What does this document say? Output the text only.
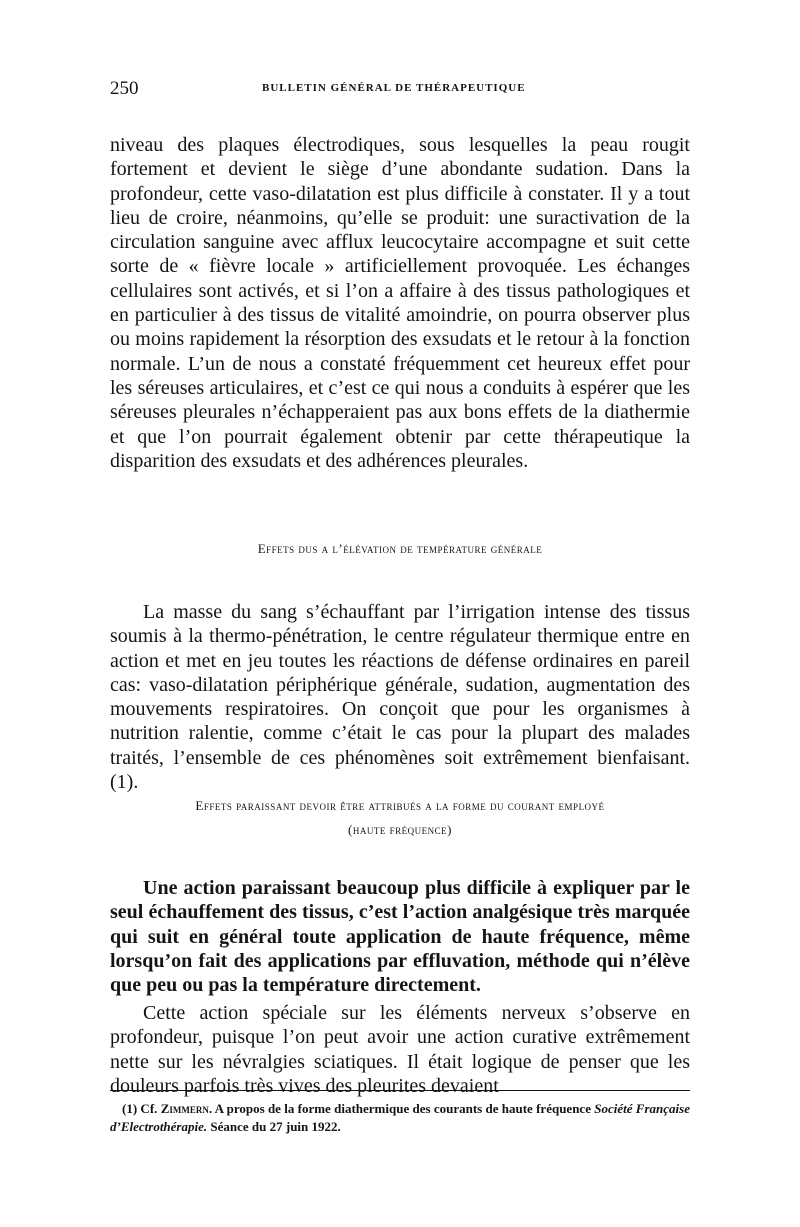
250	BULLETIN GÉNÉRAL DE THÉRAPEUTIQUE

niveau des plaques électrodiques, sous lesquelles la peau rougit fortement et devient le siège d’une abondante sudation. Dans la profondeur, cette vaso-dilatation est plus difficile à constater. Il y a tout lieu de croire, néanmoins, qu’elle se produit: une suractivation de la circulation sanguine avec afflux leucocytaire accompagne et suit cette sorte de « fièvre locale » artificiellement provoquée. Les échanges cellulaires sont activés, et si l’on a affaire à des tissus pathologiques et en particulier à des tissus de vitalité amoindrie, on pourra observer plus ou moins rapidement la résorption des exsudats et le retour à la fonction normale. L’un de nous a constaté fréquemment cet heureux effet pour les séreuses articulaires, et c’est ce qui nous a conduits à espérer que les séreuses pleurales n’échapperaient pas aux bons effets de la diathermie et que l’on pourrait également obtenir par cette thérapeutique la disparition des exsudats et des adhérences pleurales.

Effets dus a l’élévation de température générale

La masse du sang s’échauffant par l’irrigation intense des tissus soumis à la thermo-pénétration, le centre régulateur thermique entre en action et met en jeu toutes les réactions de défense ordinaires en pareil cas: vaso-dilatation périphérique générale, sudation, augmentation des mouvements respiratoires. On conçoit que pour les organismes à nutrition ralentie, comme c’était le cas pour la plupart des malades traités, l’ensemble de ces phénomènes soit extrêmement bienfaisant. (1).

Effets paraissant devoir être attribués a la forme du courant employé
(haute fréquence)

Une action paraissant beaucoup plus difficile à expliquer par le seul échauffement des tissus, c’est l’action analgésique très marquée qui suit en général toute application de haute fréquence, même lorsqu’on fait des applications par effluvation, méthode qui n’élève que peu ou pas la température directement.

Cette action spéciale sur les éléments nerveux s’observe en profondeur, puisque l’on peut avoir une action curative extrêmement nette sur les névralgies sciatiques. Il était logique de penser que les douleurs parfois très vives des pleurites devaient

(1) Cf. Zimmern. A propos de la forme diathermique des courants de haute fréquence Société Française d’Electrothérapie. Séance du 27 juin 1922.
